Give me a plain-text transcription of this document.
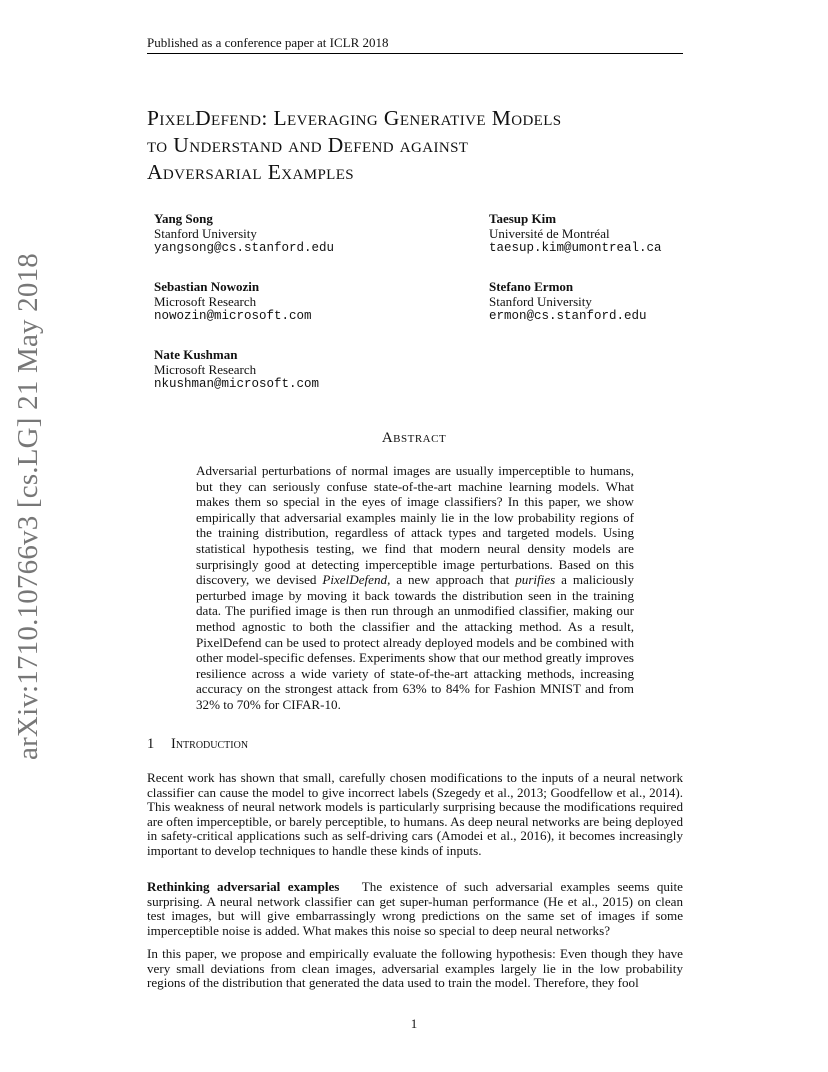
Published as a conference paper at ICLR 2018
arXiv:1710.10766v3 [cs.LG] 21 May 2018
PixelDefend: Leveraging Generative Models
to Understand and Defend against
Adversarial Examples
Yang Song
Stanford University
yangsong@cs.stanford.edu
Taesup Kim
Université de Montréal
taesup.kim@umontreal.ca
Sebastian Nowozin
Microsoft Research
nowozin@microsoft.com
Stefano Ermon
Stanford University
ermon@cs.stanford.edu
Nate Kushman
Microsoft Research
nkushman@microsoft.com
Abstract
Adversarial perturbations of normal images are usually imperceptible to humans, but they can seriously confuse state-of-the-art machine learning models. What makes them so special in the eyes of image classifiers? In this paper, we show empirically that adversarial examples mainly lie in the low probability regions of the training distribution, regardless of attack types and targeted models. Using statistical hypothesis testing, we find that modern neural density models are surprisingly good at detecting imperceptible image perturbations. Based on this discovery, we devised PixelDefend, a new approach that purifies a maliciously perturbed image by moving it back towards the distribution seen in the training data. The purified image is then run through an unmodified classifier, making our method agnostic to both the classifier and the attacking method. As a result, PixelDefend can be used to protect already deployed models and be combined with other model-specific defenses. Experiments show that our method greatly improves resilience across a wide variety of state-of-the-art attacking methods, increasing accuracy on the strongest attack from 63% to 84% for Fashion MNIST and from 32% to 70% for CIFAR-10.
1 Introduction
Recent work has shown that small, carefully chosen modifications to the inputs of a neural network classifier can cause the model to give incorrect labels (Szegedy et al., 2013; Goodfellow et al., 2014). This weakness of neural network models is particularly surprising because the modifications required are often imperceptible, or barely perceptible, to humans. As deep neural networks are being deployed in safety-critical applications such as self-driving cars (Amodei et al., 2016), it becomes increasingly important to develop techniques to handle these kinds of inputs.
Rethinking adversarial examples The existence of such adversarial examples seems quite surprising. A neural network classifier can get super-human performance (He et al., 2015) on clean test images, but will give embarrassingly wrong predictions on the same set of images if some imperceptible noise is added. What makes this noise so special to deep neural networks?
In this paper, we propose and empirically evaluate the following hypothesis: Even though they have very small deviations from clean images, adversarial examples largely lie in the low probability regions of the distribution that generated the data used to train the model. Therefore, they fool
1
